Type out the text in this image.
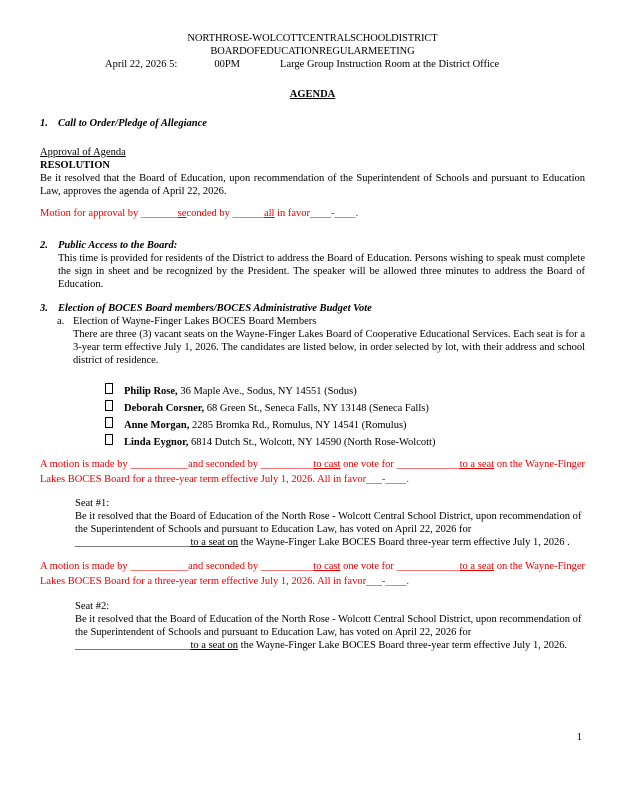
NORTH ROSE-WOLCOTT CENTRAL SCHOOL DISTRICT
BOARD OF EDUCATION REGULAR MEETING
April 22, 2026 5:	00PM	Large Group Instruction Room at the District Office
AGENDA
1. Call to Order/Pledge of Allegiance
Approval of Agenda
RESOLUTION
Be it resolved that the Board of Education, upon recommendation of the Superintendent of Schools and pursuant to Education Law, approves the agenda of April 22, 2026.
Motion for approval by _______seconded by ______all in favor____-____.
2. Public Access to the Board:
This time is provided for residents of the District to address the Board of Education. Persons wishing to speak must complete the sign in sheet and be recognized by the President. The speaker will be allowed three minutes to address the Board of Education.
3. Election of BOCES Board members/BOCES Administrative Budget Vote
a. Election of Wayne-Finger Lakes BOCES Board Members
There are three (3) vacant seats on the Wayne-Finger Lakes Board of Cooperative Educational Services. Each seat is for a 3-year term effective July 1, 2026. The candidates are listed below, in order selected by lot, with their address and school district of residence.
Philip Rose, 36 Maple Ave., Sodus, NY 14551 (Sodus)
Deborah Corsner, 68 Green St., Seneca Falls, NY 13148 (Seneca Falls)
Anne Morgan, 2285 Bromka Rd., Romulus, NY 14541 (Romulus)
Linda Eygnor, 6814 Dutch St., Wolcott, NY 14590 (North Rose-Wolcott)
A motion is made by ___________and seconded by __________to cast one vote for ____________to a seat on the Wayne-Finger Lakes BOCES Board for a three-year term effective July 1, 2026. All in favor___-____.
Seat #1:
Be it resolved that the Board of Education of the North Rose - Wolcott Central School District, upon recommendation of the Superintendent of Schools and pursuant to Education Law, has voted on April 22, 2026 for ______________________to a seat on the Wayne-Finger Lake BOCES Board three-year term effective July 1, 2026 .
A motion is made by ___________and seconded by __________to cast one vote for ____________to a seat on the Wayne-Finger Lakes BOCES Board for a three-year term effective July 1, 2026. All in favor___-____.
Seat #2:
Be it resolved that the Board of Education of the North Rose - Wolcott Central School District, upon recommendation of the Superintendent of Schools and pursuant to Education Law, has voted on April 22, 2026 for ______________________to a seat on the Wayne-Finger Lake BOCES Board three-year term effective July 1, 2026.
1
